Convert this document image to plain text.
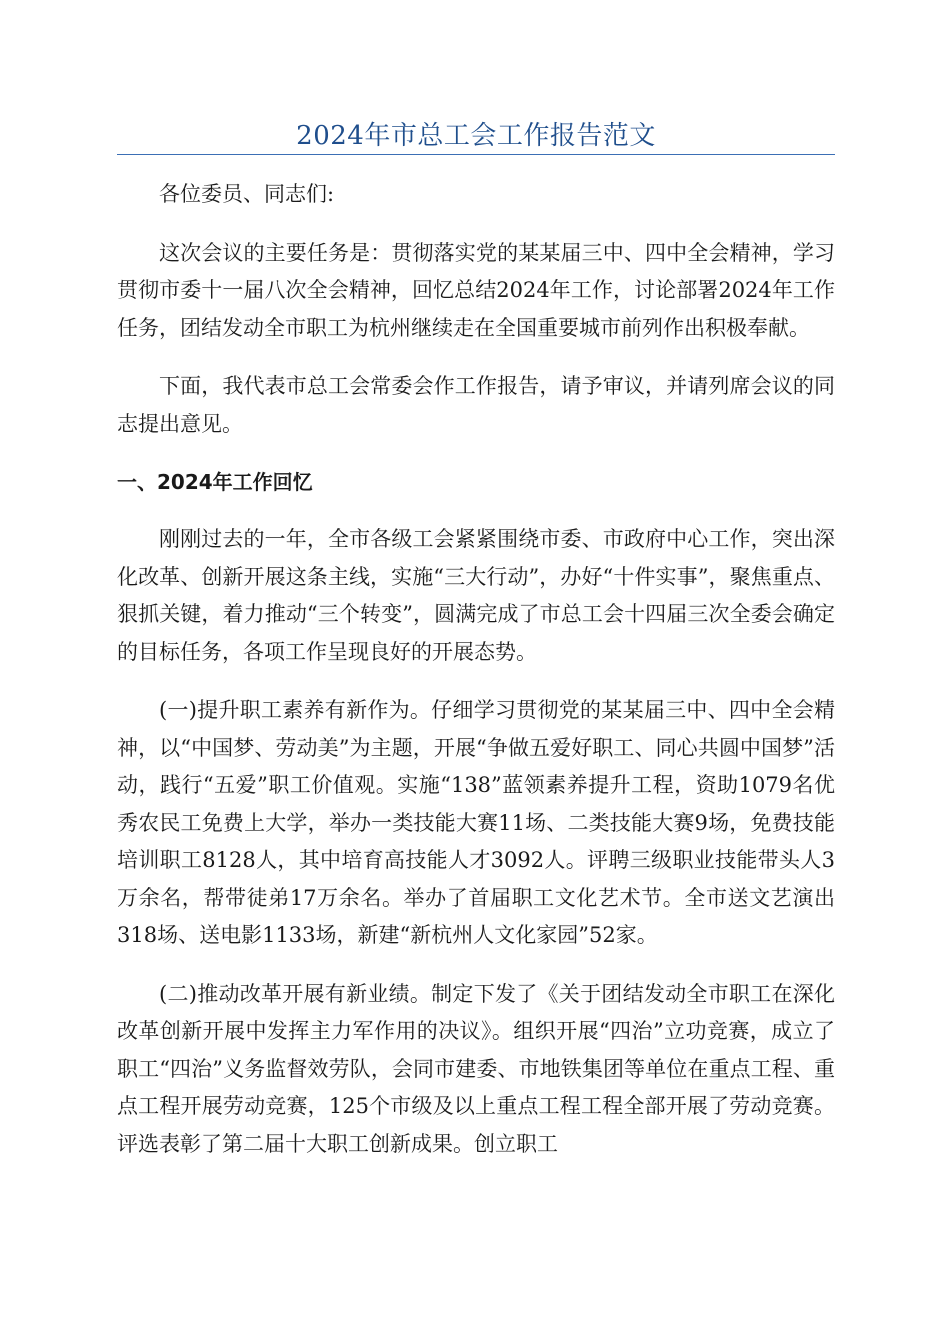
2024年市总工会工作报告范文

各位委员、同志们:

这次会议的主要任务是：贯彻落实党的某某届三中、四中全会精神，学习贯彻市委十一届八次全会精神，回忆总结2024年工作，讨论部署2024年工作任务，团结发动全市职工为杭州继续走在全国重要城市前列作出积极奉献。

下面，我代表市总工会常委会作工作报告，请予审议，并请列席会议的同志提出意见。

一、2024年工作回忆

刚刚过去的一年，全市各级工会紧紧围绕市委、市政府中心工作，突出深化改革、创新开展这条主线，实施“三大行动”，办好“十件实事”，聚焦重点、狠抓关键，着力推动“三个转变”，圆满完成了市总工会十四届三次全委会确定的目标任务，各项工作呈现良好的开展态势。

(一)提升职工素养有新作为。仔细学习贯彻党的某某届三中、四中全会精神，以“中国梦、劳动美”为主题，开展“争做五爱好职工、同心共圆中国梦”活动，践行“五爱”职工价值观。实施“138”蓝领素养提升工程，资助1079名优秀农民工免费上大学，举办一类技能大赛11场、二类技能大赛9场，免费技能培训职工8128人，其中培育高技能人才3092人。评聘三级职业技能带头人3万余名，帮带徒弟17万余名。举办了首届职工文化艺术节。全市送文艺演出318场、送电影1133场，新建“新杭州人文化家园”52家。

(二)推动改革开展有新业绩。制定下发了《关于团结发动全市职工在深化改革创新开展中发挥主力军作用的决议》。组织开展“四治”立功竞赛，成立了职工“四治”义务监督效劳队，会同市建委、市地铁集团等单位在重点工程、重点工程开展劳动竞赛，125个市级及以上重点工程工程全部开展了劳动竞赛。评选表彰了第二届十大职工创新成果。创立职工
